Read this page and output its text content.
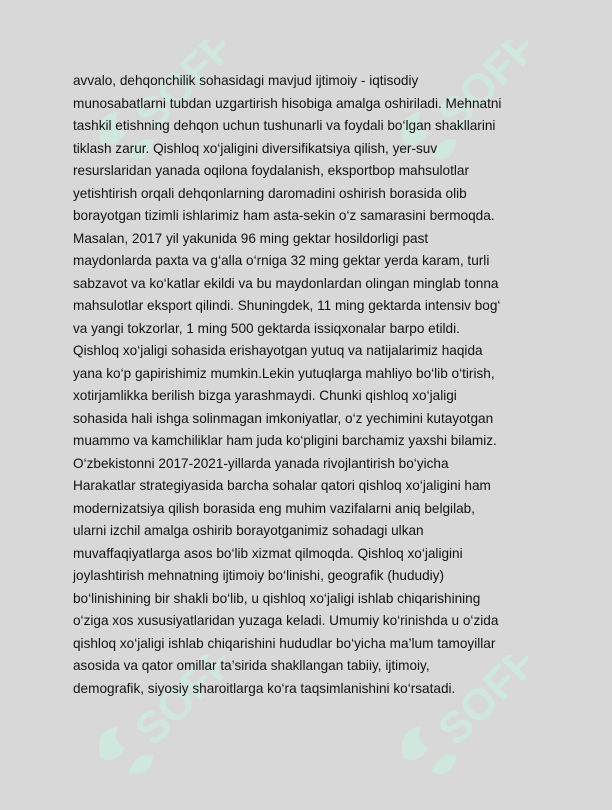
SOFF	SOFF
SOFF	SOFF

avvalo, dehqonchilik sohasidagi mavjud ijtimoiy - iqtisodiy
munosabatlarni tubdan uzgartirish hisobiga amalga oshiriladi. Mehnatni
tashkil etishning dehqon uchun tushunarli va foydali bo‘lgan shakllarini
tiklash zarur. Qishloq xo‘jaligini diversifikatsiya qilish, yer-suv
resurslaridan yanada oqilona foydalanish, eksportbop mahsulotlar
yetishtirish orqali dehqonlarning daromadini oshirish borasida olib
borayotgan tizimli ishlarimiz ham asta-sekin o‘z samarasini bermoqda.
Masalan, 2017 yil yakunida 96 ming gektar hosildorligi past
maydonlarda paxta va g‘alla o‘rniga 32 ming gektar yerda karam, turli
sabzavot va ko‘katlar ekildi va bu maydonlardan olingan minglab tonna
mahsulotlar eksport qilindi. Shuningdek, 11 ming gektarda intensiv bog‘
va yangi tokzorlar, 1 ming 500 gektarda issiqxonalar barpo etildi.
Qishloq xo‘jaligi sohasida erishayotgan yutuq va natijalarimiz haqida
yana ko‘p gapirishimiz mumkin.Lekin yutuqlarga mahliyo bo‘lib o‘tirish,
xotirjamlikka berilish bizga yarashmaydi. Chunki qishloq xo‘jaligi
sohasida hali ishga solinmagan imkoniyatlar, o‘z yechimini kutayotgan
muammo va kamchiliklar ham juda ko‘pligini barchamiz yaxshi bilamiz.
O‘zbekistonni 2017-2021-yillarda yanada rivojlantirish bo‘yicha
Harakatlar strategiyasida barcha sohalar qatori qishloq xo‘jaligini ham
modernizatsiya qilish borasida eng muhim vazifalarni aniq belgilab,
ularni izchil amalga oshirib borayotganimiz sohadagi ulkan
muvaffaqiyatlarga asos bo‘lib xizmat qilmoqda. Qishloq xo‘jaligini
joylashtirish mehnatning ijtimoiy bo‘linishi, geografik (hududiy)
bo‘linishining bir shakli bo‘lib, u qishloq xo‘jaligi ishlab chiqarishining
o‘ziga xos xususiyatlaridan yuzaga keladi. Umumiy ko‘rinishda u o‘zida
qishloq xo‘jaligi ishlab chiqarishini hududlar bo‘yicha ma’lum tamoyillar
asosida va qator omillar ta’sirida shakllangan tabiiy, ijtimoiy,
demografik, siyosiy sharoitlarga ko‘ra taqsimlanishini ko‘rsatadi.
